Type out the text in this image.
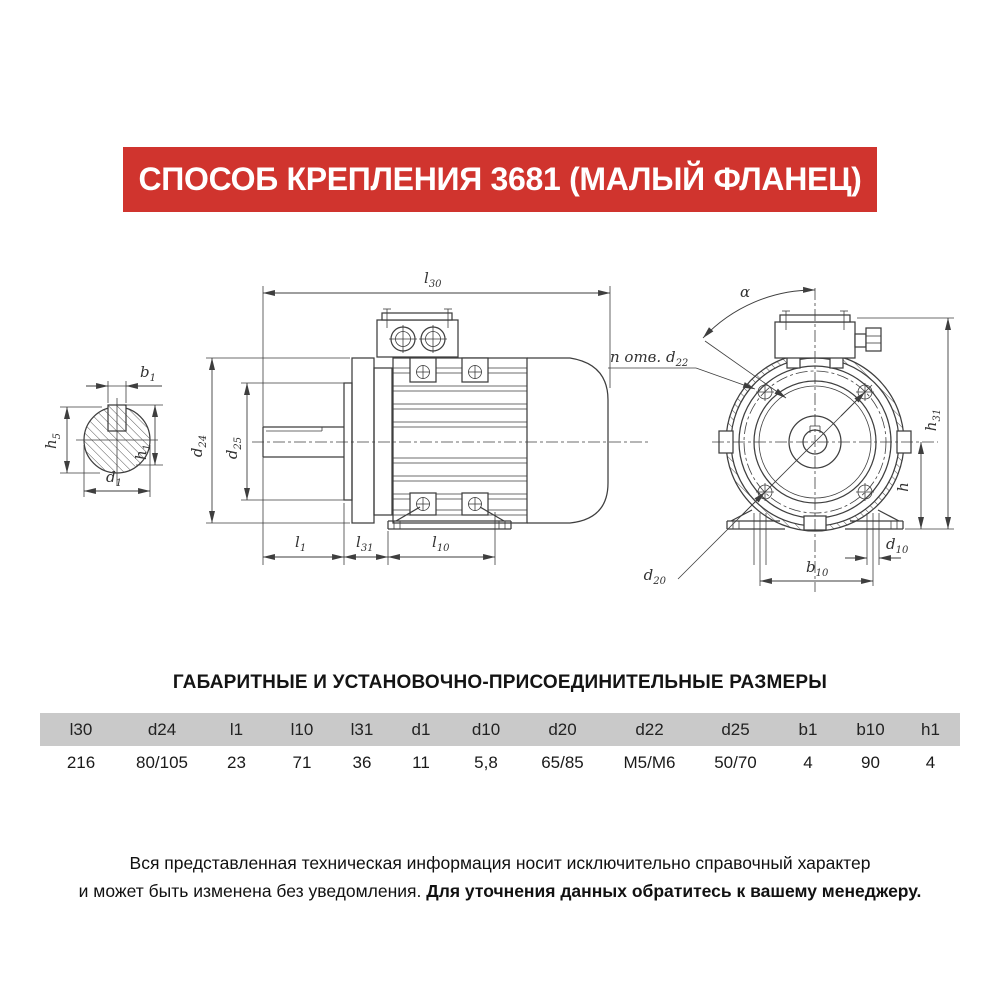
СПОСОБ КРЕПЛЕНИЯ 3681 (МАЛЫЙ ФЛАНЕЦ)
$b_1$
$h_5$
$h_1$
$d_1$
$l_{30}$
$d_{24}$
$d_{25}$
$l_1$	$l_{31}$	$l_{10}$
α
n отв. $d_{22}$
$d_{20}$
$h_{31}$
h
$d_{10}$
$b_{10}$
ГАБАРИТНЫЕ И УСТАНОВОЧНО-ПРИСОЕДИНИТЕЛЬНЫЕ РАЗМЕРЫ
l30	d24	l1	l10	l31	d1	d10	d20	d22	d25	b1	b10	h1
216	80/105	23	71	36	11	5,8	65/85	M5/M6	50/70	4	90	4

Вся представленная техническая информация носит исключительно справочный характер
и может быть изменена без уведомления. Для уточнения данных обратитесь к вашему менеджеру.
